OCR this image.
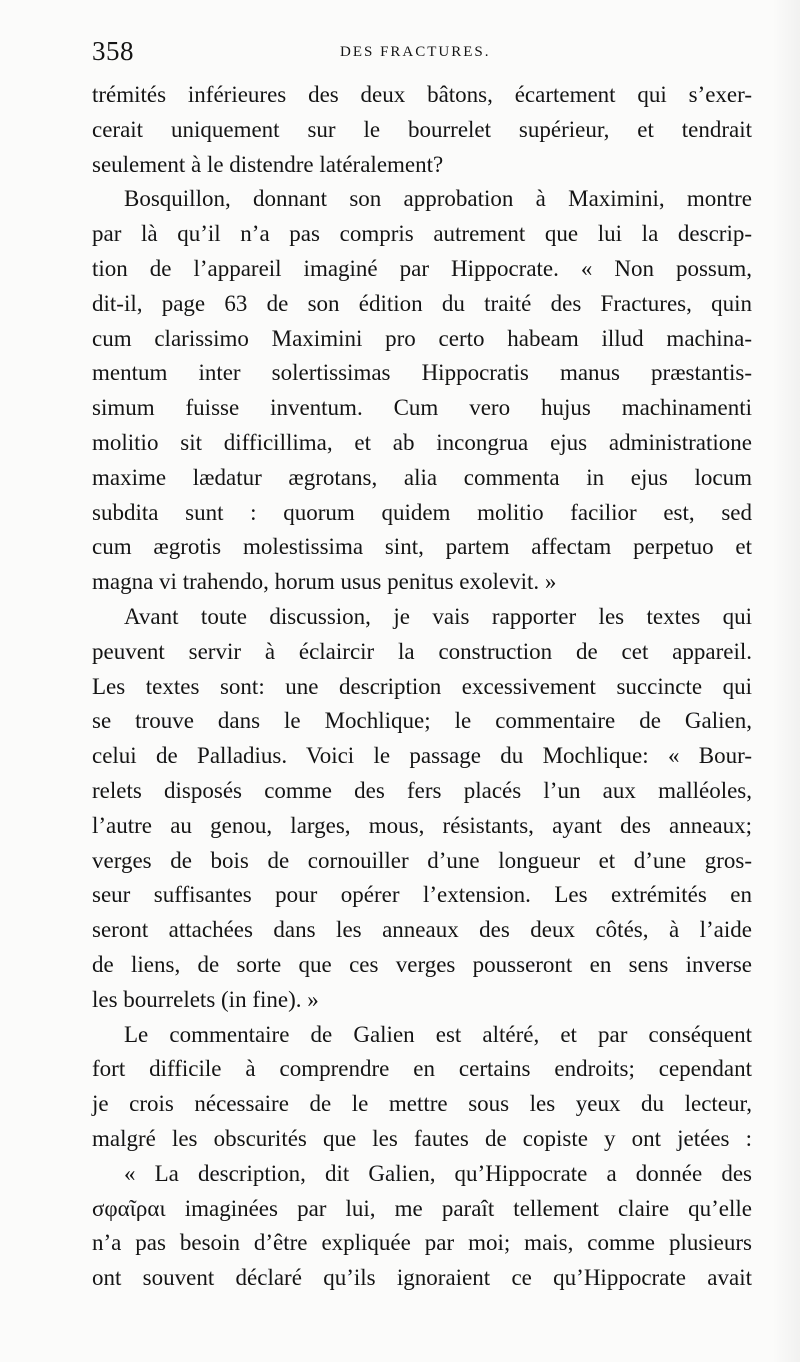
358	DES FRACTURES.
trémités inférieures des deux bâtons, écartement qui s’exer-
cerait uniquement sur le bourrelet supérieur, et tendrait
seulement à le distendre latéralement?
Bosquillon, donnant son approbation à Maximini, montre
par là qu’il n’a pas compris autrement que lui la descrip-
tion de l’appareil imaginé par Hippocrate. « Non possum,
dit-il, page 63 de son édition du traité des Fractures, quin
cum clarissimo Maximini pro certo habeam illud machina-
mentum inter solertissimas Hippocratis manus præstantis-
simum fuisse inventum. Cum vero hujus machinamenti
molitio sit difficillima, et ab incongrua ejus administratione
maxime lædatur ægrotans, alia commenta in ejus locum
subdita sunt : quorum quidem molitio facilior est, sed
cum ægrotis molestissima sint, partem affectam perpetuo et
magna vi trahendo, horum usus penitus exolevit. »
Avant toute discussion, je vais rapporter les textes qui
peuvent servir à éclaircir la construction de cet appareil.
Les textes sont: une description excessivement succincte qui
se trouve dans le Mochlique; le commentaire de Galien,
celui de Palladius. Voici le passage du Mochlique: « Bour-
relets disposés comme des fers placés l’un aux malléoles,
l’autre au genou, larges, mous, résistants, ayant des anneaux;
verges de bois de cornouiller d’une longueur et d’une gros-
seur suffisantes pour opérer l’extension. Les extrémités en
seront attachées dans les anneaux des deux côtés, à l’aide
de liens, de sorte que ces verges pousseront en sens inverse
les bourrelets (in fine). »
Le commentaire de Galien est altéré, et par conséquent
fort difficile à comprendre en certains endroits; cependant
je crois nécessaire de le mettre sous les yeux du lecteur,
malgré les obscurités que les fautes de copiste y ont jetées :
« La description, dit Galien, qu’Hippocrate a donnée des
σφαῖραι imaginées par lui, me paraît tellement claire qu’elle
n’a pas besoin d’être expliquée par moi; mais, comme plusieurs
ont souvent déclaré qu’ils ignoraient ce qu’Hippocrate avait
